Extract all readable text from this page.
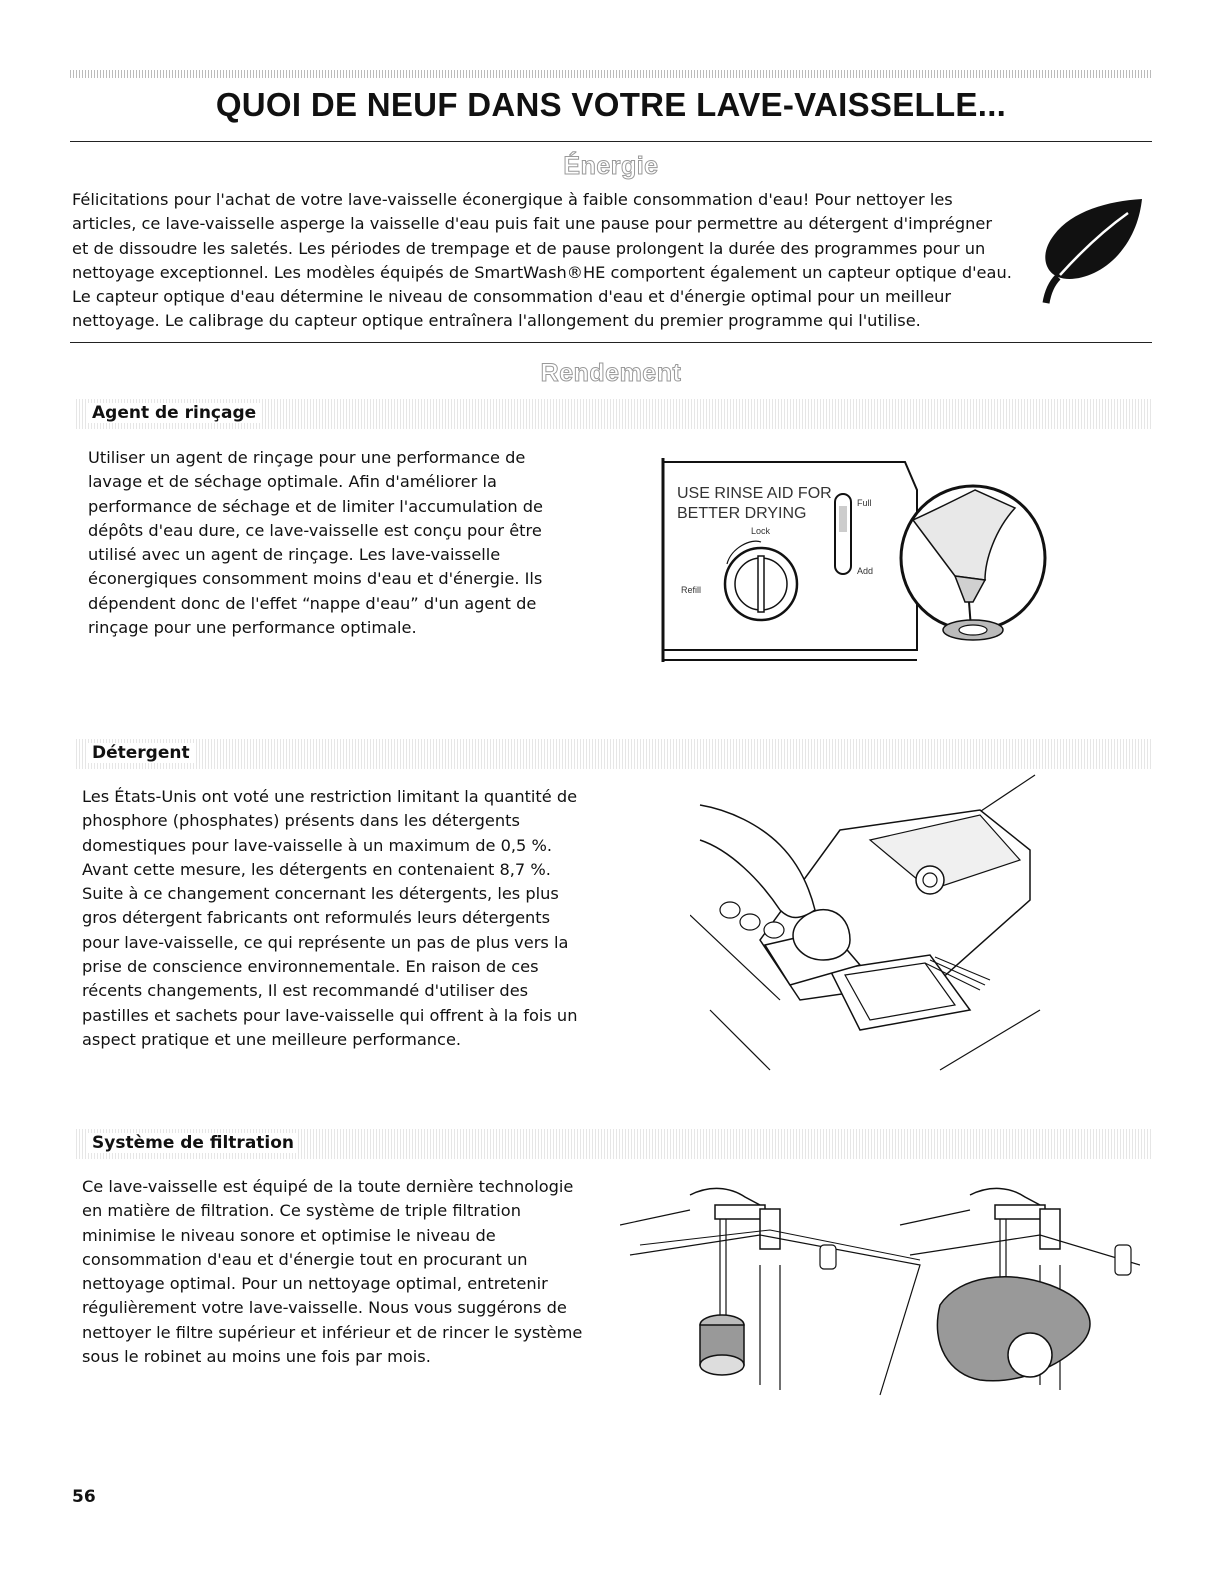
QUOI DE NEUF DANS VOTRE LAVE-VAISSELLE...
Énergie
Félicitations pour l'achat de votre lave-vaisselle éconergique à faible consommation d'eau! Pour nettoyer les
articles, ce lave-vaisselle asperge la vaisselle d'eau puis fait une pause pour permettre au détergent d'imprégner
et de dissoudre les saletés. Les périodes de trempage et de pause prolongent la durée des programmes pour un
nettoyage exceptionnel. Les modèles équipés de SmartWash®HE comportent également un capteur optique d'eau.
Le capteur optique d'eau détermine le niveau de consommation d'eau et d'énergie optimal pour un meilleur
nettoyage. Le calibrage du capteur optique entraînera l'allongement du premier programme qui l'utilise.
Rendement
Agent de rinçage
Utiliser un agent de rinçage pour une performance de
lavage et de séchage optimale. Afin d'améliorer la
performance de séchage et de limiter l'accumulation de
dépôts d'eau dure, ce lave-vaisselle est conçu pour être
utilisé avec un agent de rinçage. Les lave-vaisselle
éconergiques consomment moins d'eau et d'énergie. Ils
dépendent donc de l'effet “nappe d'eau” d'un agent de
rinçage pour une performance optimale.
USE RINSE AID FOR
BETTER DRYING
Lock
Refill
Full
Add
Détergent
Les États-Unis ont voté une restriction limitant la quantité de
phosphore (phosphates) présents dans les détergents
domestiques pour lave-vaisselle à un maximum de 0,5 %.
Avant cette mesure, les détergents en contenaient 8,7 %.
Suite à ce changement concernant les détergents, les plus
gros détergent fabricants ont reformulés leurs détergents
pour lave-vaisselle, ce qui représente un pas de plus vers la
prise de conscience environnementale. En raison de ces
récents changements, Il est recommandé d'utiliser des
pastilles et sachets pour lave-vaisselle qui offrent à la fois un
aspect pratique et une meilleure performance.
Système de filtration
Ce lave-vaisselle est équipé de la toute dernière technologie
en matière de filtration. Ce système de triple filtration
minimise le niveau sonore et optimise le niveau de
consommation d'eau et d'énergie tout en procurant un
nettoyage optimal. Pour un nettoyage optimal, entretenir
régulièrement votre lave-vaisselle. Nous vous suggérons de
nettoyer le filtre supérieur et inférieur et de rincer le système
sous le robinet au moins une fois par mois.

56
